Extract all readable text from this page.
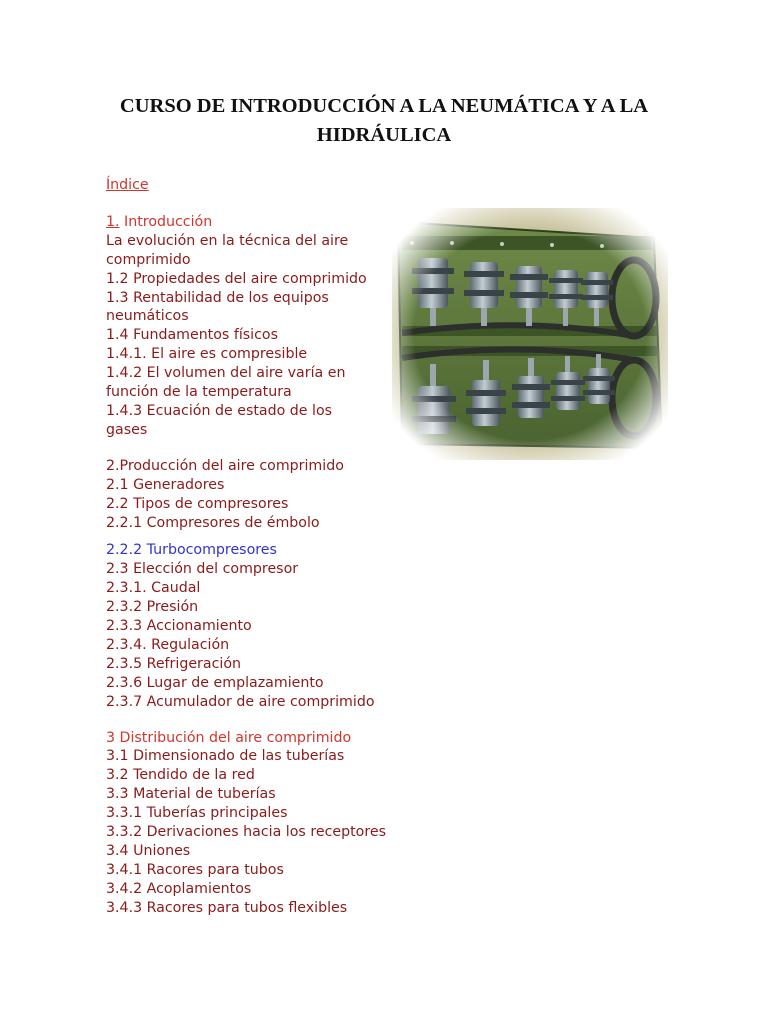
CURSO DE INTRODUCCIÓN A LA NEUMÁTICA Y A LA HIDRÁULICA
Índice
1. Introducción
La evolución en la técnica del aire comprimido
1.2 Propiedades del aire comprimido
1.3 Rentabilidad de los equipos neumáticos
1.4 Fundamentos físicos
1.4.1. El aire es compresible
1.4.2 El volumen del aire varía en función de la temperatura
1.4.3 Ecuación de estado de los gases
2.Producción del aire comprimido
2.1 Generadores
2.2 Tipos de compresores
2.2.1 Compresores de émbolo
2.2.2 Turbocompresores
2.3 Elección del compresor
2.3.1. Caudal
2.3.2 Presión
2.3.3 Accionamiento
2.3.4. Regulación
2.3.5 Refrigeración
2.3.6 Lugar de emplazamiento
2.3.7 Acumulador de aire comprimido
3 Distribución del aire comprimido
3.1 Dimensionado de las tuberías
3.2 Tendido de la red
3.3 Material de tuberías
3.3.1 Tuberías principales
3.3.2 Derivaciones hacia los receptores
3.4 Uniones
3.4.1 Racores para tubos
3.4.2 Acoplamientos
3.4.3 Racores para tubos flexibles
